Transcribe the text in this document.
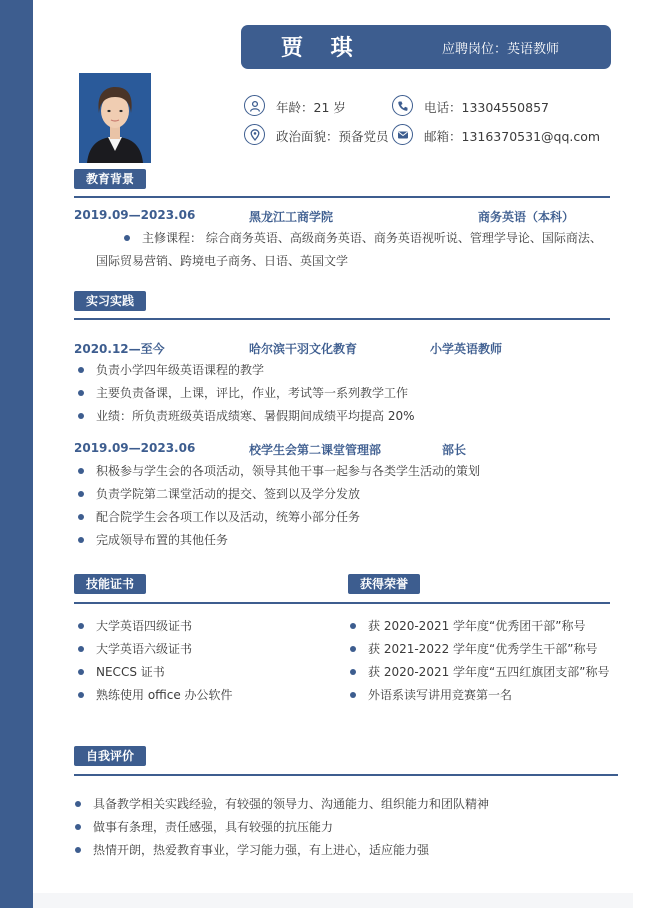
贾 琪	应聘岗位：英语教师
年龄：21 岁	电话：13304550857
政治面貌：预备党员	邮箱：1316370531@qq.com
教育背景
2019.09—2023.06	黑龙江工商学院	商务英语（本科）
主修课程： 综合商务英语、高级商务英语、商务英语视听说、管理学导论、国际商法、
国际贸易营销、跨境电子商务、日语、英国文学
实习实践
2020.12—至今	哈尔滨干羽文化教育	小学英语教师
负责小学四年级英语课程的教学
主要负责备课，上课，评比，作业，考试等一系列教学工作
业绩：所负责班级英语成绩寒、暑假期间成绩平均提高 20%
2019.09—2023.06	校学生会第二课堂管理部	部长
积极参与学生会的各项活动，领导其他干事一起参与各类学生活动的策划
负责学院第二课堂活动的提交、签到以及学分发放
配合院学生会各项工作以及活动，统筹小部分任务
完成领导布置的其他任务
技能证书
大学英语四级证书
大学英语六级证书
NECCS 证书
熟练使用 office 办公软件
获得荣誉
获 2020-2021 学年度“优秀团干部”称号
获 2021-2022 学年度“优秀学生干部”称号
获 2020-2021 学年度“五四红旗团支部”称号
外语系读写讲用竞赛第一名
自我评价
具备教学相关实践经验，有较强的领导力、沟通能力、组织能力和团队精神
做事有条理，责任感强，具有较强的抗压能力
热情开朗，热爱教育事业，学习能力强，有上进心，适应能力强
